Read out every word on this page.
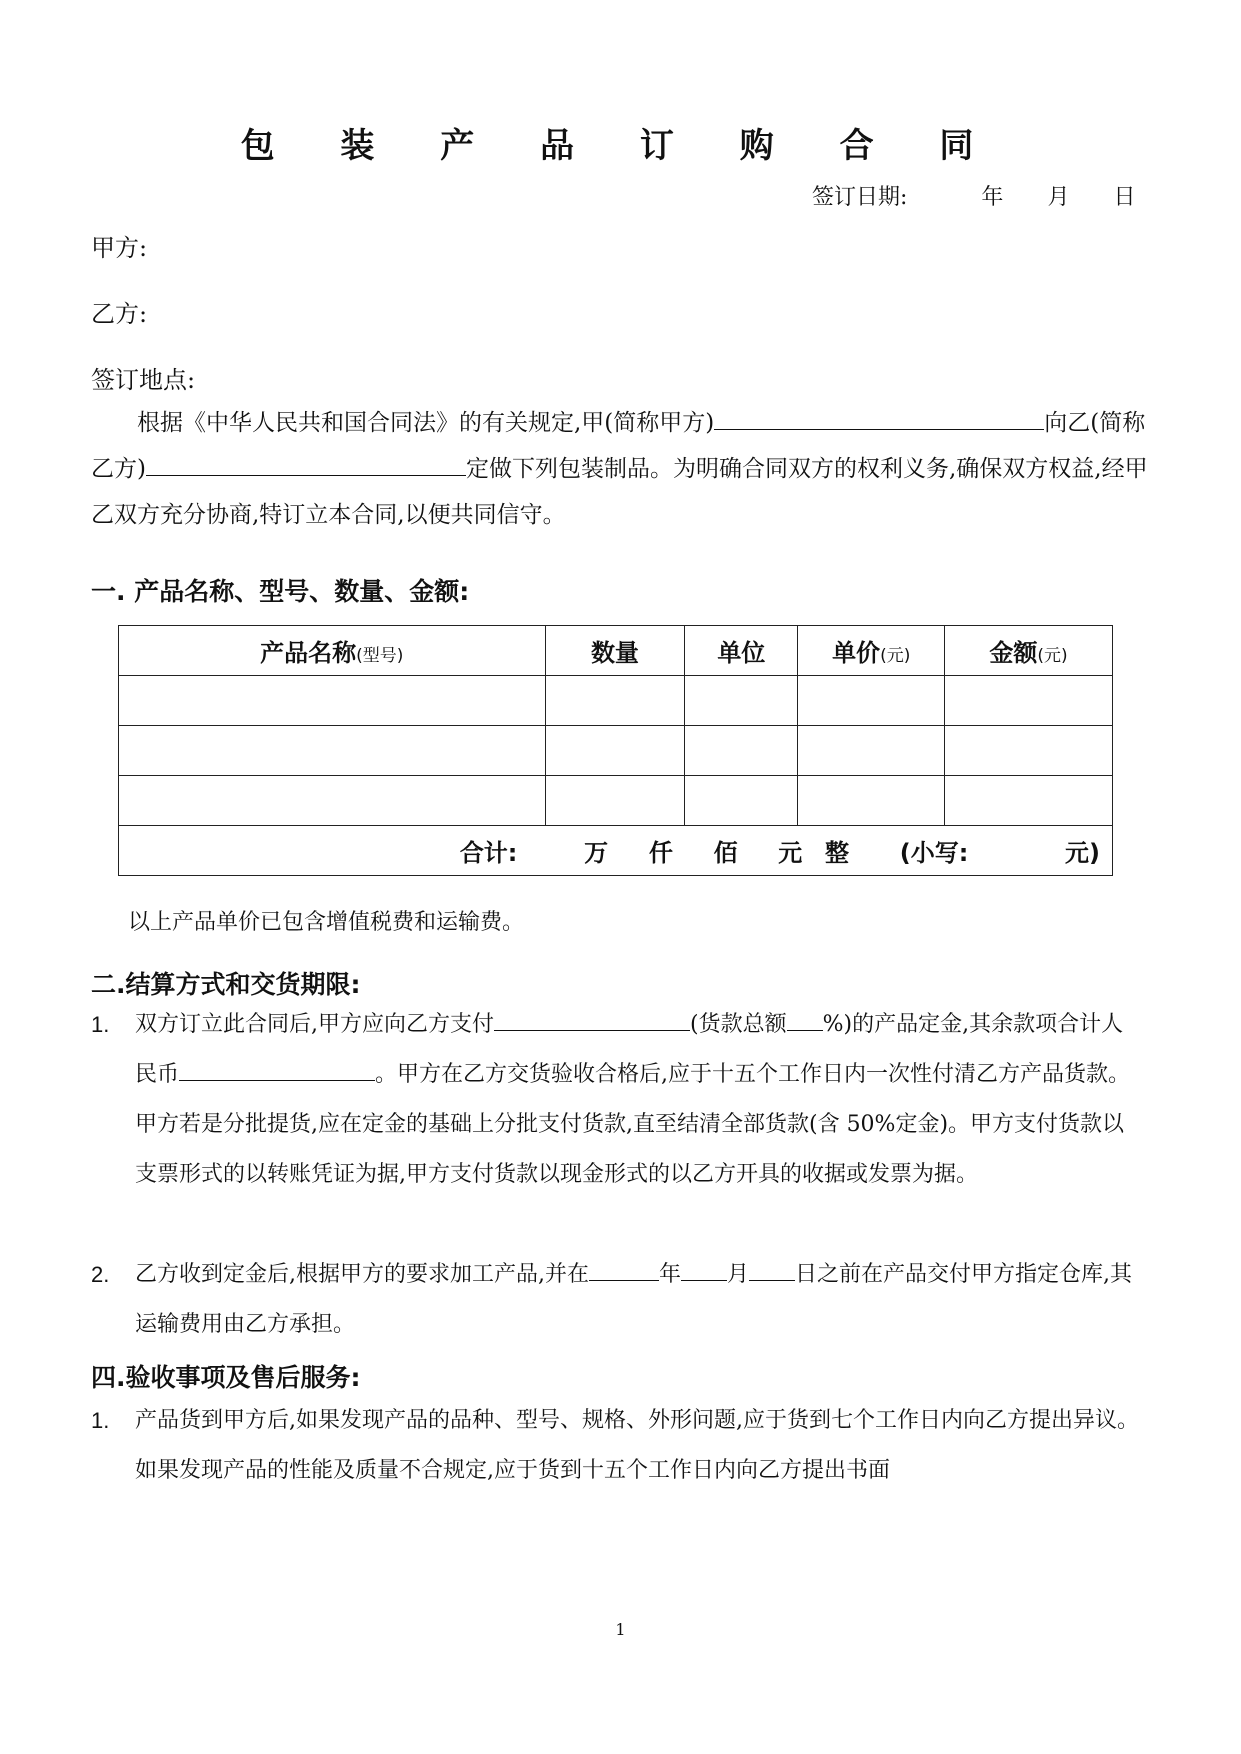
包 装 产 品 订 购 合 同
签订日期:	年 月 日
甲方:
乙方:
签订地点:
根据《中华人民共和国合同法》的有关规定,甲(简称甲方)	向乙(简称乙方)	定做下列包装制品。为明确合同双方的权利义务,确保双方权益,经甲乙双方充分协商,特订立本合同,以便共同信守。
一. 产品名称、型号、数量、金额:
产品名称(型号)	数量	单位	单价(元)	金额(元)

合计: 万 仟 佰 元 整 (小写: 元)				
以上产品单价已包含增值税费和运输费。
二.结算方式和交货期限:
1. 双方订立此合同后,甲方应向乙方支付	(货款总额 %)的产品定金,其余款项合计人民币	。甲方在乙方交货验收合格后,应于十五个工作日内一次性付清乙方产品货款。甲方若是分批提货,应在定金的基础上分批支付货款,直至结清全部货款(含 50%定金)。甲方支付货款以支票形式的以转账凭证为据,甲方支付货款以现金形式的以乙方开具的收据或发票为据。
2. 乙方收到定金后,根据甲方的要求加工产品,并在	年 月 日之前在产品交付甲方指定仓库,其运输费用由乙方承担。
四.验收事项及售后服务:
1. 产品货到甲方后,如果发现产品的品种、型号、规格、外形问题,应于货到七个工作日内向乙方提出异议。如果发现产品的性能及质量不合规定,应于货到十五个工作日内向乙方提出书面
1
